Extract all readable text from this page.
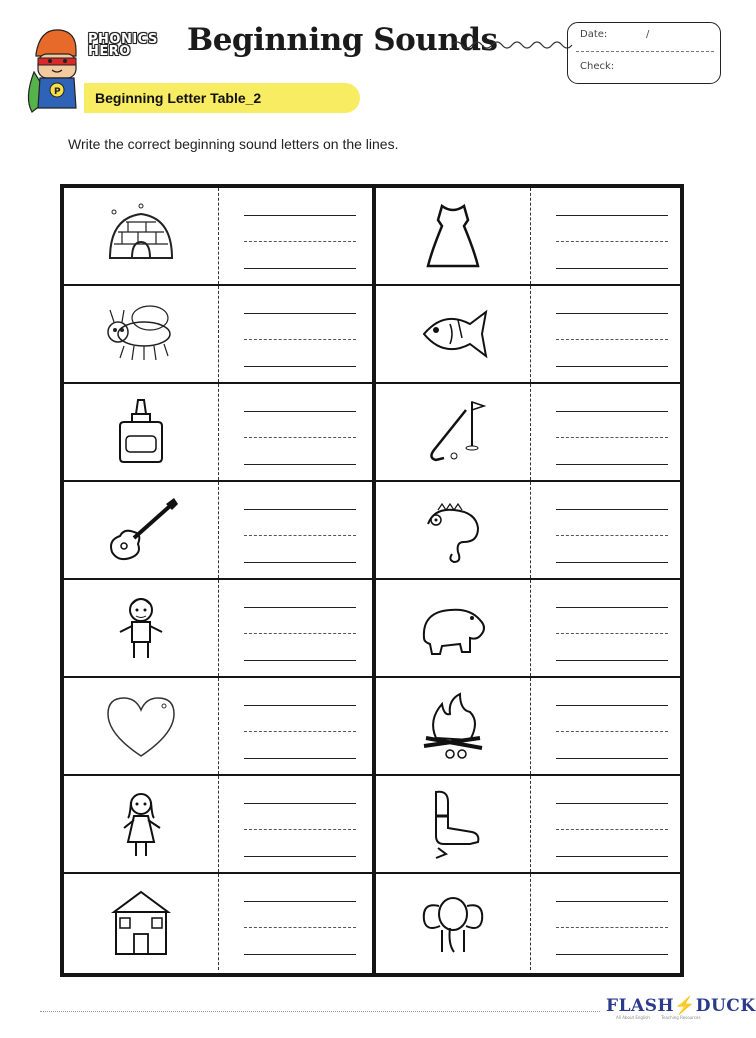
P
PHONICS
HERO	Beginning Sounds	Date:	/
Check:
Beginning Letter Table_2
Write the correct beginning sound letters on the lines.
FLASH⚡DUCK
All About English	Teaching Resources
